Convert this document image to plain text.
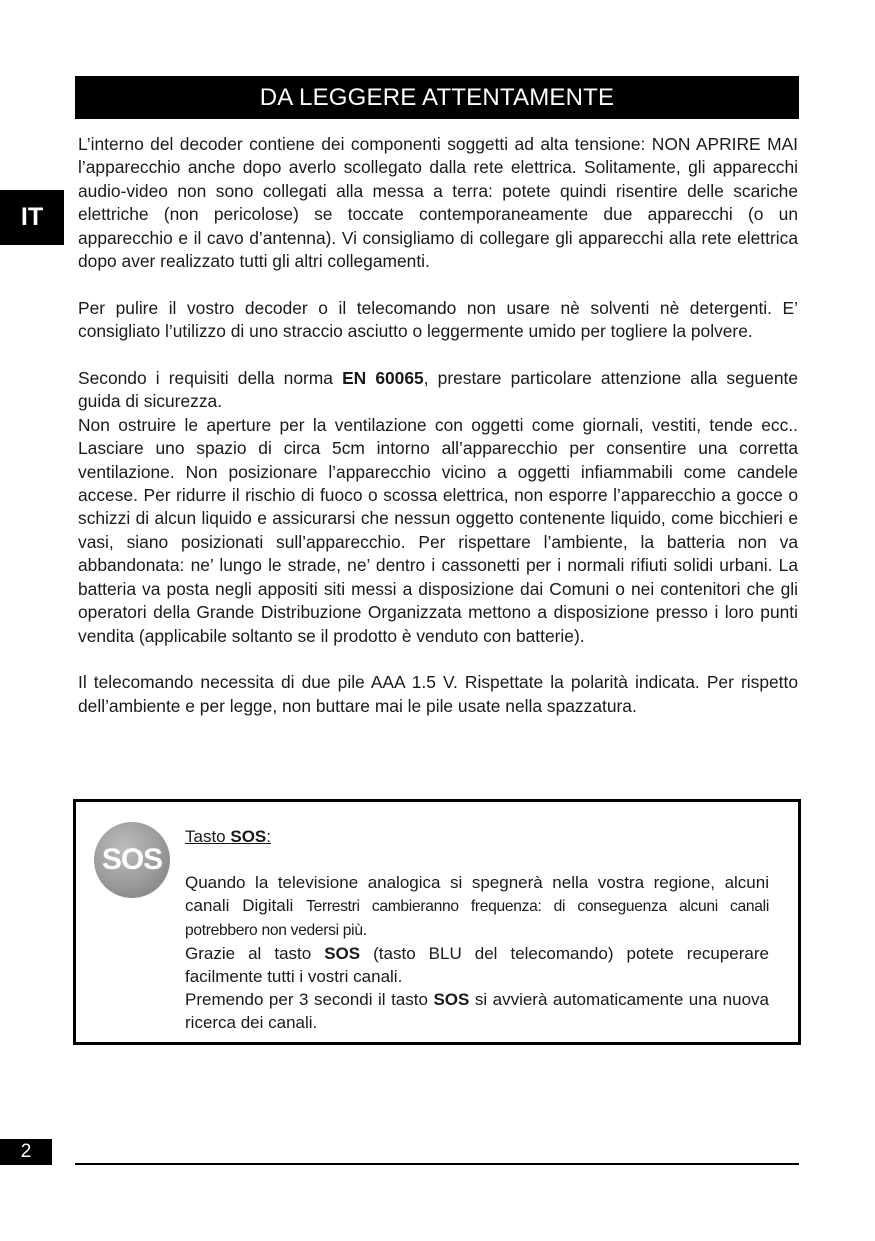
DA LEGGERE ATTENTAMENTE
IT

L’interno del decoder contiene dei componenti soggetti ad alta tensione: NON APRIRE MAI l’apparecchio anche dopo averlo scollegato dalla rete elettrica. Solitamente, gli apparecchi audio-video non sono collegati alla messa a terra: potete quindi risentire delle scariche elettriche (non pericolose) se toccate contemporaneamente due apparecchi (o un apparecchio e il cavo d’antenna). Vi consigliamo di collegare gli apparecchi alla rete elettrica dopo aver realizzato tutti gli altri collegamenti.

Per pulire il vostro decoder o il telecomando non usare nè solventi nè detergenti. E’ consigliato l’utilizzo di uno straccio asciutto o leggermente umido per togliere la polvere.

Secondo i requisiti della norma EN 60065, prestare particolare attenzione alla seguente guida di sicurezza.

Non ostruire le aperture per la ventilazione con oggetti come giornali, vestiti, tende ecc.. Lasciare uno spazio di circa 5cm intorno all’apparecchio per consentire una corretta ventilazione. Non posizionare l’apparecchio vicino a oggetti infiammabili come candele accese. Per ridurre il rischio di fuoco o scossa elettrica, non esporre l’apparecchio a gocce o schizzi di alcun liquido e assicurarsi che nessun oggetto contenente liquido, come bicchieri e vasi, siano posizionati sull’apparecchio. Per rispettare l’ambiente, la batteria non va abbandonata: ne’ lungo le strade, ne’ dentro i cassonetti per i normali rifiuti solidi urbani. La batteria va posta negli appositi siti messi a disposizione dai Comuni o nei contenitori che gli operatori della Grande Distribuzione Organizzata mettono a disposizione presso i loro punti vendita (applicabile soltanto se il prodotto è venduto con batterie).

Il telecomando necessita di due pile AAA 1.5 V. Rispettate la polarità indicata. Per rispetto dell’ambiente e per legge, non buttare mai le pile usate nella spazzatura.

SOS

Tasto SOS:

Quando la televisione analogica si spegnerà nella vostra regione, alcuni canali Digitali Terrestri cambieranno frequenza: di conseguenza alcuni canali potrebbero non vedersi più.

Grazie al tasto SOS (tasto BLU del telecomando) potete recuperare facilmente tutti i vostri canali.

Premendo per 3 secondi il tasto SOS si avvierà automaticamente una nuova ricerca dei canali.

2
